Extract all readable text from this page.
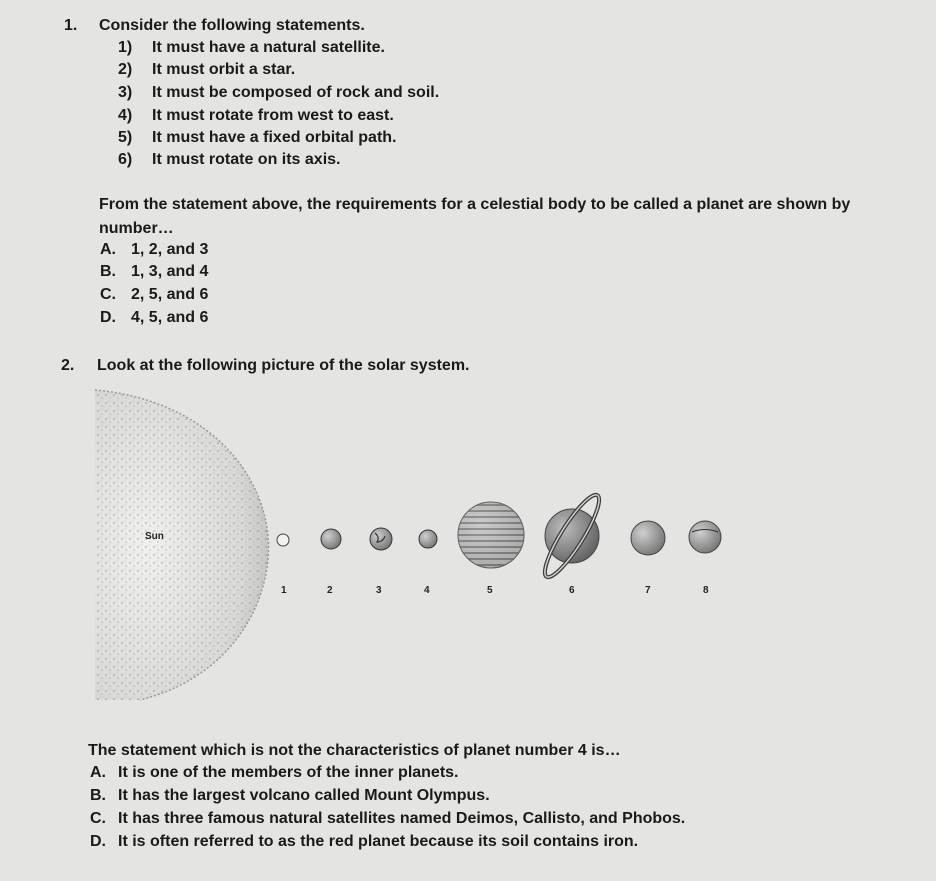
1. Consider the following statements.
1) It must have a natural satellite.
2) It must orbit a star.
3) It must be composed of rock and soil.
4) It must rotate from west to east.
5) It must have a fixed orbital path.
6) It must rotate on its axis.
From the statement above, the requirements for a celestial body to be called a planet are shown by
number…
A. 1, 2, and 3
B. 1, 3, and 4
C. 2, 5, and 6
D. 4, 5, and 6
2. Look at the following picture of the solar system.
Sun
1	2	3	4	5	6	7	8
The statement which is not the characteristics of planet number 4 is…
A. It is one of the members of the inner planets.
B. It has the largest volcano called Mount Olympus.
C. It has three famous natural satellites named Deimos, Callisto, and Phobos.
D. It is often referred to as the red planet because its soil contains iron.
